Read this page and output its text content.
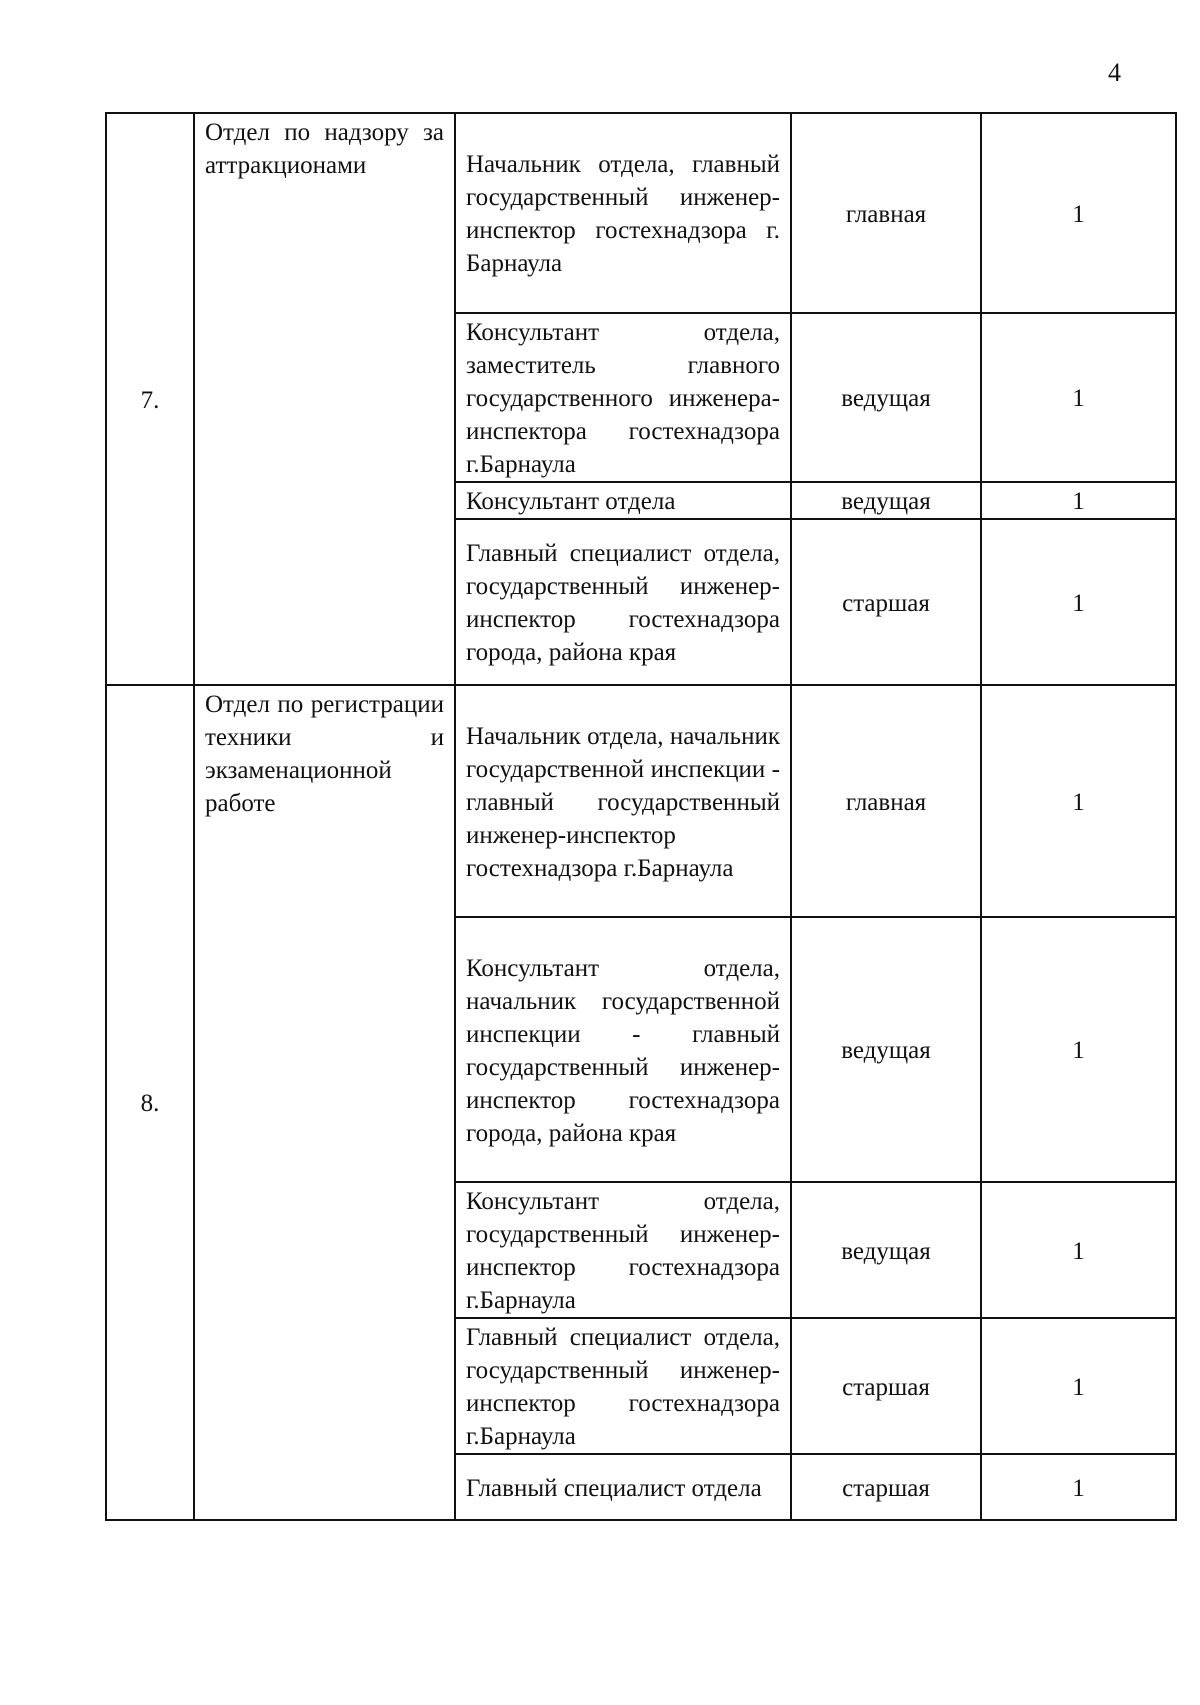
4
7.	Отдел по надзору за аттракционами	Начальник отдела, главный государственный инженер-инспектор гостехнадзора г. Барнаула	главная	1
		Консультант отдела, заместитель главного государственного инженера-инспектора гостехнадзора г.Барнаула	ведущая	1
		Консультант отдела	ведущая	1
		Главный специалист отдела, государственный инженер-инспектор гостехнадзора города, района края	старшая	1
8.	Отдел по регистрации техники и экзаменационной работе	Начальник отдела, начальник государственной инспекции - главный государственный инженер-инспектор гостехнадзора г.Барнаула	главная	1
		Консультант отдела, начальник государственной инспекции - главный государственный инженер-инспектор гостехнадзора города, района края	ведущая	1
		Консультант отдела, государственный инженер-инспектор гостехнадзора г.Барнаула	ведущая	1
		Главный специалист отдела, государственный инженер-инспектор гостехнадзора г.Барнаула	старшая	1
		Главный специалист отдела	старшая	1
